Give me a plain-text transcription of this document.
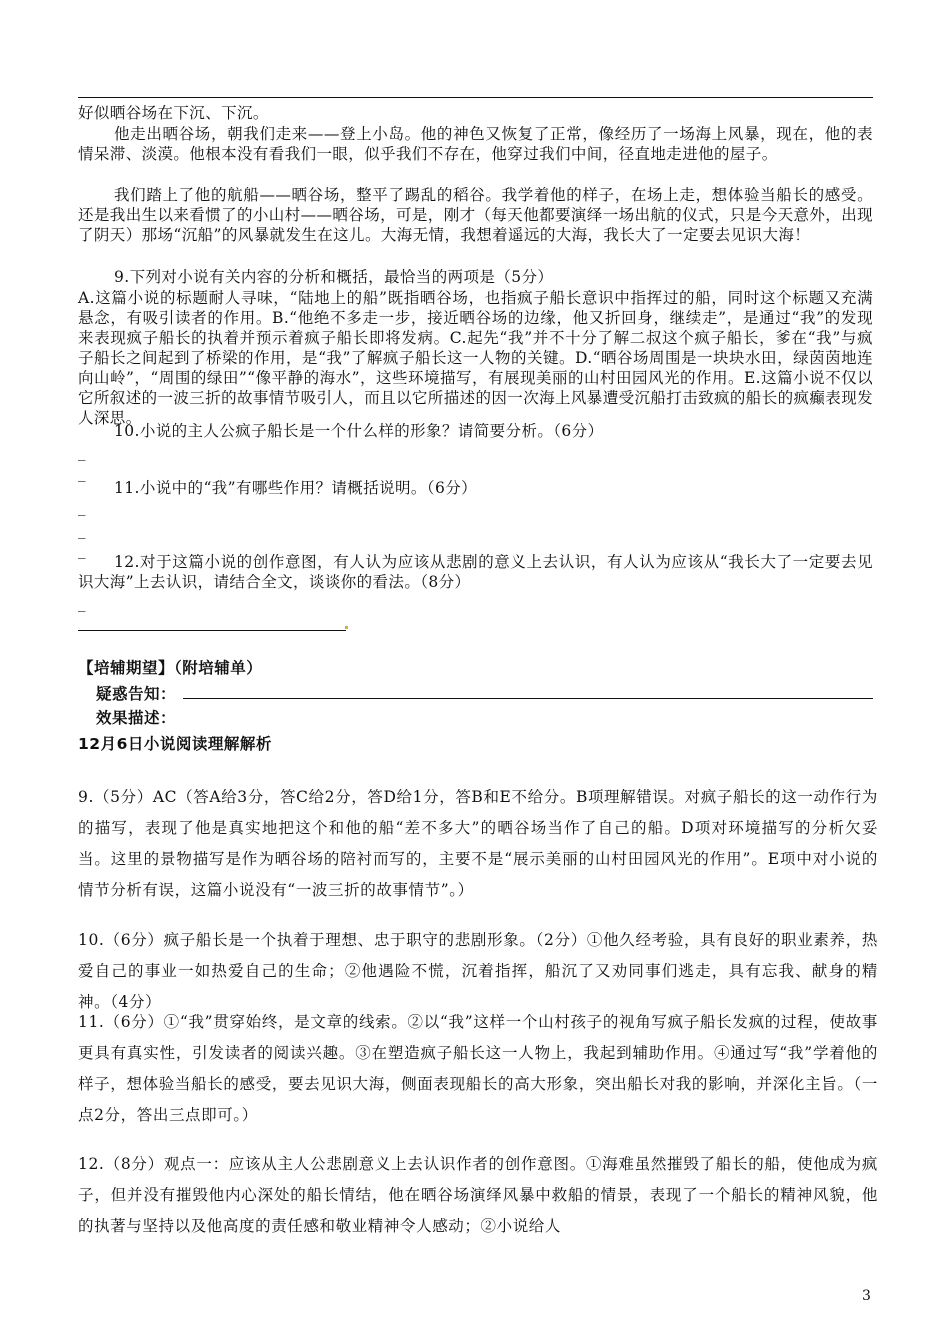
好似晒谷场在下沉、下沉。

他走出晒谷场，朝我们走来——登上小岛。他的神色又恢复了正常，像经历了一场海上风暴，现在，他的表情呆滞、淡漠。他根本没有看我们一眼，似乎我们不存在，他穿过我们中间，径直地走进他的屋子。

我们踏上了他的航船——晒谷场，整平了踢乱的稻谷。我学着他的样子，在场上走，想体验当船长的感受。还是我出生以来看惯了的小山村——晒谷场，可是，刚才（每天他都要演绎一场出航的仪式，只是今天意外，出现了阴天）那场“沉船”的风暴就发生在这儿。大海无情，我想着遥远的大海，我长大了一定要去见识大海！

9.下列对小说有关内容的分析和概括，最恰当的两项是（5分）

A.这篇小说的标题耐人寻味，“陆地上的船”既指晒谷场，也指疯子船长意识中指挥过的船，同时这个标题又充满悬念，有吸引读者的作用。B.“他绝不多走一步，接近晒谷场的边缘，他又折回身，继续走”，是通过“我”的发现来表现疯子船长的执着并预示着疯子船长即将发病。C.起先“我”并不十分了解二叔这个疯子船长，爹在“我”与疯子船长之间起到了桥梁的作用，是“我”了解疯子船长这一人物的关键。D.“晒谷场周围是一块块水田，绿茵茵地连向山岭”，“周围的绿田”“像平静的海水”，这些环境描写，有展现美丽的山村田园风光的作用。E.这篇小说不仅以它所叙述的一波三折的故事情节吸引人，而且以它所描述的因一次海上风暴遭受沉船打击致疯的船长的疯癫表现发人深思。

10.小说的主人公疯子船长是一个什么样的形象？请简要分析。（6分）

_

_

11.小说中的“我”有哪些作用？请概括说明。（6分）

_

_

_

12.对于这篇小说的创作意图，有人认为应该从悲剧的意义上去认识，有人认为应该从“我长大了一定要去见识大海”上去认识，请结合全文，谈谈你的看法。（8分）

_

【培辅期望】（附培辅单）

疑惑告知：

效果描述：

12月6日小说阅读理解解析

9.（5分）AC（答A给3分，答C给2分，答D给1分，答B和E不给分。B项理解错误。对疯子船长的这一动作行为的描写，表现了他是真实地把这个和他的船“差不多大”的晒谷场当作了自己的船。D项对环境描写的分析欠妥当。这里的景物描写是作为晒谷场的陪衬而写的，主要不是“展示美丽的山村田园风光的作用”。E项中对小说的情节分析有误，这篇小说没有“一波三折的故事情节”。）

10.（6分）疯子船长是一个执着于理想、忠于职守的悲剧形象。（2分）①他久经考验，具有良好的职业素养，热爱自己的事业一如热爱自己的生命；②他遇险不慌，沉着指挥，船沉了又劝同事们逃走，具有忘我、献身的精神。（4分）

11.（6分）①“我”贯穿始终，是文章的线索。②以“我”这样一个山村孩子的视角写疯子船长发疯的过程，使故事更具有真实性，引发读者的阅读兴趣。③在塑造疯子船长这一人物上，我起到辅助作用。④通过写“我”学着他的样子，想体验当船长的感受，要去见识大海，侧面表现船长的高大形象，突出船长对我的影响，并深化主旨。（一点2分，答出三点即可。）

12.（8分）观点一：应该从主人公悲剧意义上去认识作者的创作意图。①海难虽然摧毁了船长的船，使他成为疯子，但并没有摧毁他内心深处的船长情结，他在晒谷场演绎风暴中救船的情景，表现了一个船长的精神风貌，他的执著与坚持以及他高度的责任感和敬业精神令人感动；②小说给人

3
